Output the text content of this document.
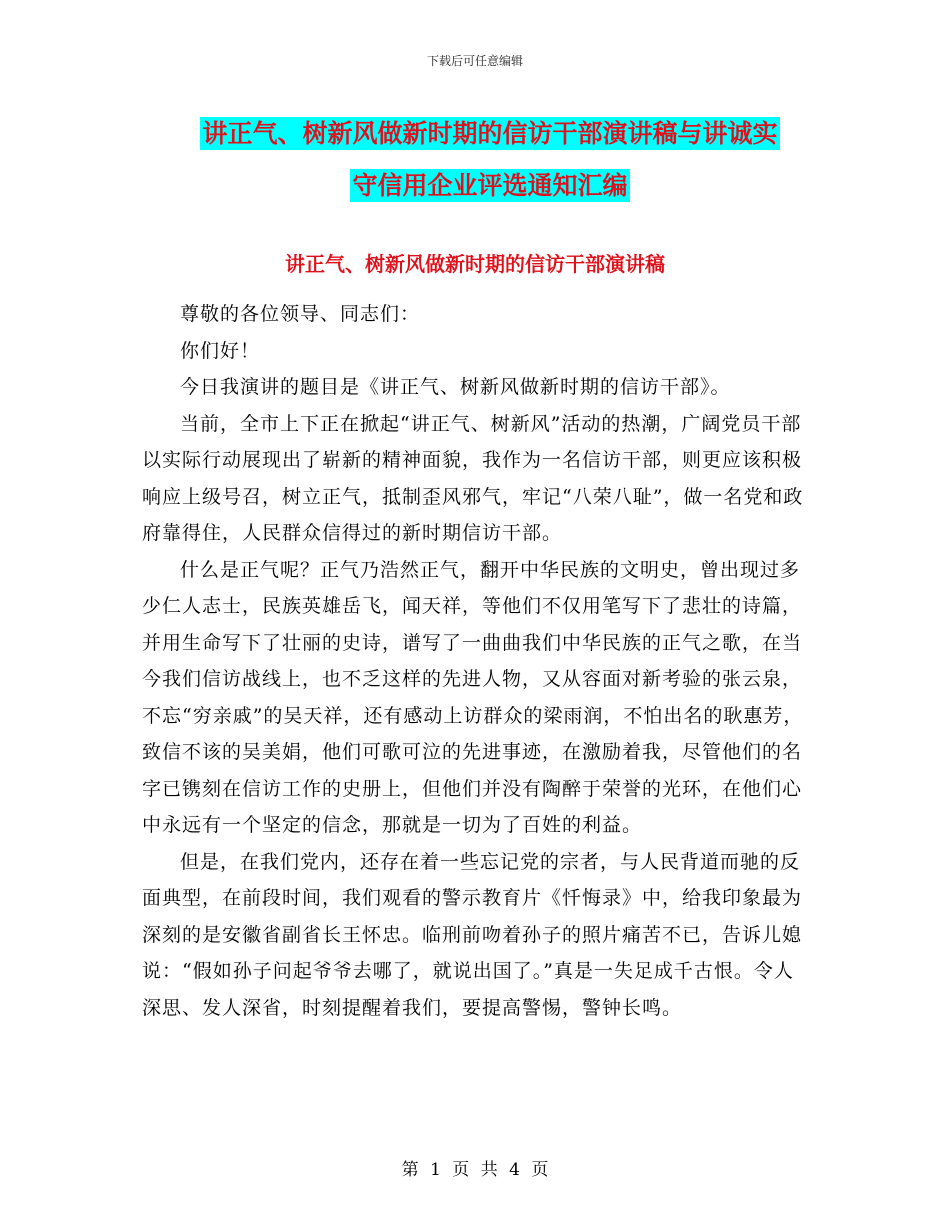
下载后可任意编辑
讲正气、树新风做新时期的信访干部演讲稿与讲诚实
守信用企业评选通知汇编
讲正气、树新风做新时期的信访干部演讲稿

尊敬的各位领导、同志们：

你们好！

今日我演讲的题目是《讲正气、树新风做新时期的信访干部》。

当前，全市上下正在掀起“讲正气、树新风”活动的热潮，广阔党员干部以实际行动展现出了崭新的精神面貌，我作为一名信访干部，则更应该积极响应上级号召，树立正气，抵制歪风邪气，牢记“八荣八耻”，做一名党和政府靠得住，人民群众信得过的新时期信访干部。

什么是正气呢？正气乃浩然正气，翻开中华民族的文明史，曾出现过多少仁人志士，民族英雄岳飞，闻天祥，等他们不仅用笔写下了悲壮的诗篇，并用生命写下了壮丽的史诗，谱写了一曲曲我们中华民族的正气之歌，在当今我们信访战线上，也不乏这样的先进人物，又从容面对新考验的张云泉，不忘“穷亲戚”的吴天祥，还有感动上访群众的梁雨润，不怕出名的耿惠芳，致信不该的吴美娟，他们可歌可泣的先进事迹，在激励着我，尽管他们的名字已镌刻在信访工作的史册上，但他们并没有陶醉于荣誉的光环，在他们心中永远有一个坚定的信念，那就是一切为了百姓的利益。

但是，在我们党内，还存在着一些忘记党的宗者，与人民背道而驰的反面典型，在前段时间，我们观看的警示教育片《忏悔录》中，给我印象最为深刻的是安徽省副省长王怀忠。临刑前吻着孙子的照片痛苦不已，告诉儿媳说：“假如孙子问起爷爷去哪了，就说出国了。”真是一失足成千古恨。令人深思、发人深省，时刻提醒着我们，要提高警惕，警钟长鸣。

第 1 页 共 4 页
